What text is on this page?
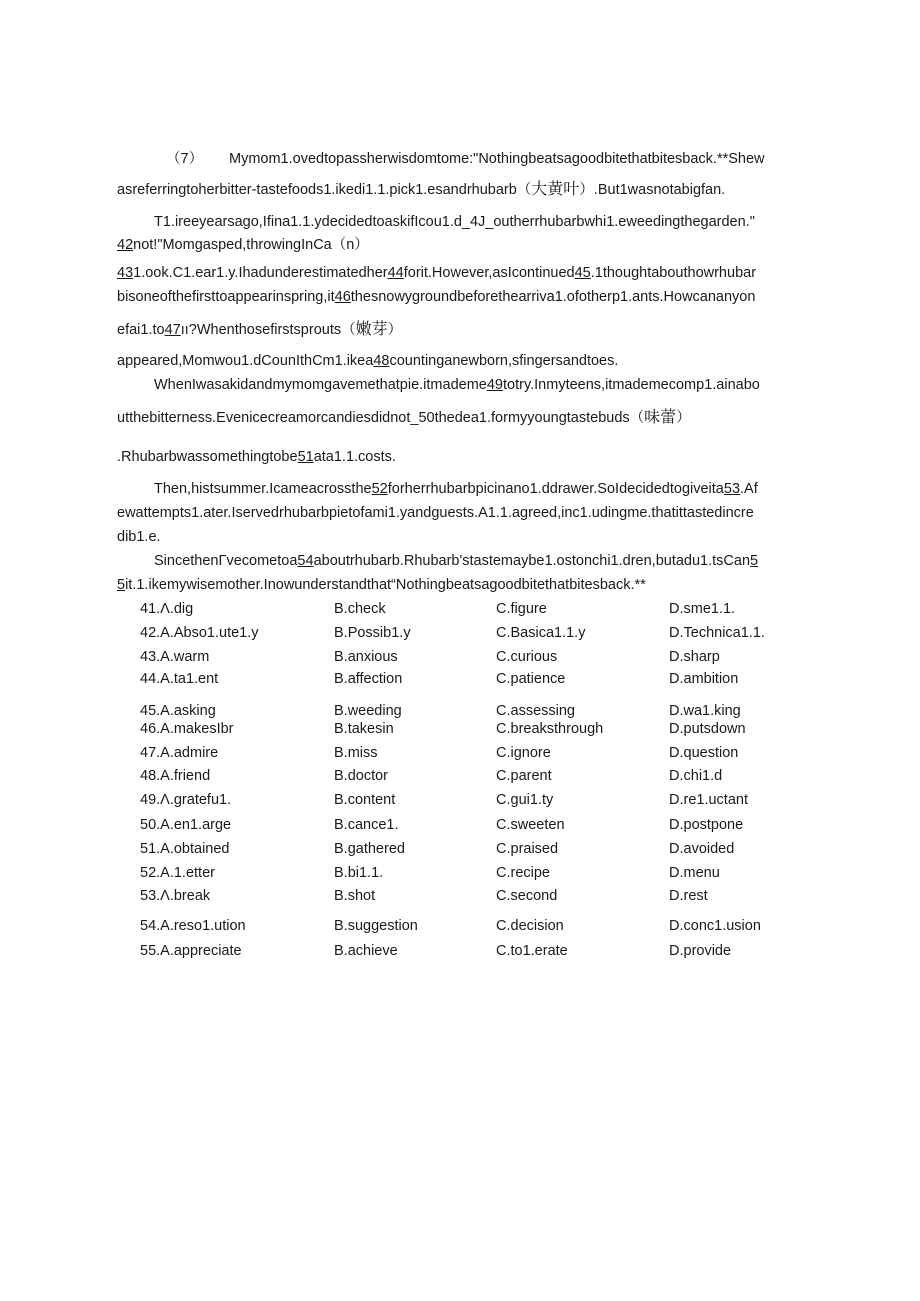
（7） Mymom1.ovedtopassherwisdomtome:"Nothingbeatsagoodbitethatbitesback.**Shew
asreferringtoherbitter-tastefoods1.ikedi1.1.pick1.esandrhubarb（大黄叶）.But1wasnotabigfan.
T1.ireeyearsago,Ifina1.1.ydecidedtoaskifIcou1.d_4J_outherrhubarbwhi1.eweedingthegarden."
42not!"Momgasped,throwingInCa（n）
431.ook.C1.ear1.y.Ihadunderestimatedher44forit.However,asIcontinued45.1thoughtabouthowrhubar
bisoneofthefirsttoappearinspring,it46thesnowygroundbeforethearriva1.ofotherp1.ants.Howcananyon
efai1.to47ıı?Whenthosefirstsprouts（嫩芽）
appeared,Momwou1.dCounIthCm1.ikea48countinganewborn,sfingersandtoes.
WhenIwasakidandmymomgavemethatpie.itmademe49totry.Inmyteens,itmademecomp1.ainabo
utthebitterness.Evenicecreamorcandiesdidnot_50thedea1.formyyoungtastebuds（味蕾）
.Rhubarbwassomethingtobe51ata1.1.costs.
Then,histsummer.Icameacrossthe52forherrhubarbpicinano1.ddrawer.SoIdecidedtogiveita53.Af
ewattempts1.ater.Iservedrhubarbpietofami1.yandguests.A1.1.agreed,inc1.udingme.thatittastedincre
dib1.e.
SincethenΓvecometoa54aboutrhubarb.Rhubarb'stastemaybe1.ostonchi1.dren,butadu1.tsCan5
5it.1.ikemywisemother.Inowunderstandthat“Nothingbeatsagoodbitethatbitesback.**
41.Λ.dig	B.check	C.figure	D.sme1.1.
42.A.Abso1.ute1.y	B.Possib1.y	C.Basica1.1.y	D.Technica1.1.
43.A.warm	B.anxious	C.curious	D.sharp
44.A.ta1.ent	B.affection	C.patience	D.ambition
45.A.asking	B.weeding	C.assessing	D.wa1.king
46.A.makesIbr	B.takesin	C.breaksthrough	D.putsdown
47.A.admire	B.miss	C.ignore	D.question
48.A.friend	B.doctor	C.parent	D.chi1.d
49.Λ.gratefu1.	B.content	C.gui1.ty	D.re1.uctant
50.A.en1.arge	B.cance1.	C.sweeten	D.postpone
51.A.obtained	B.gathered	C.praised	D.avoided
52.A.1.etter	B.bi1.1.	C.recipe	D.menu
53.Λ.break	B.shot	C.second	D.rest
54.A.reso1.ution	B.suggestion	C.decision	D.conc1.usion
55.A.appreciate	B.achieve	C.to1.erate	D.provide
